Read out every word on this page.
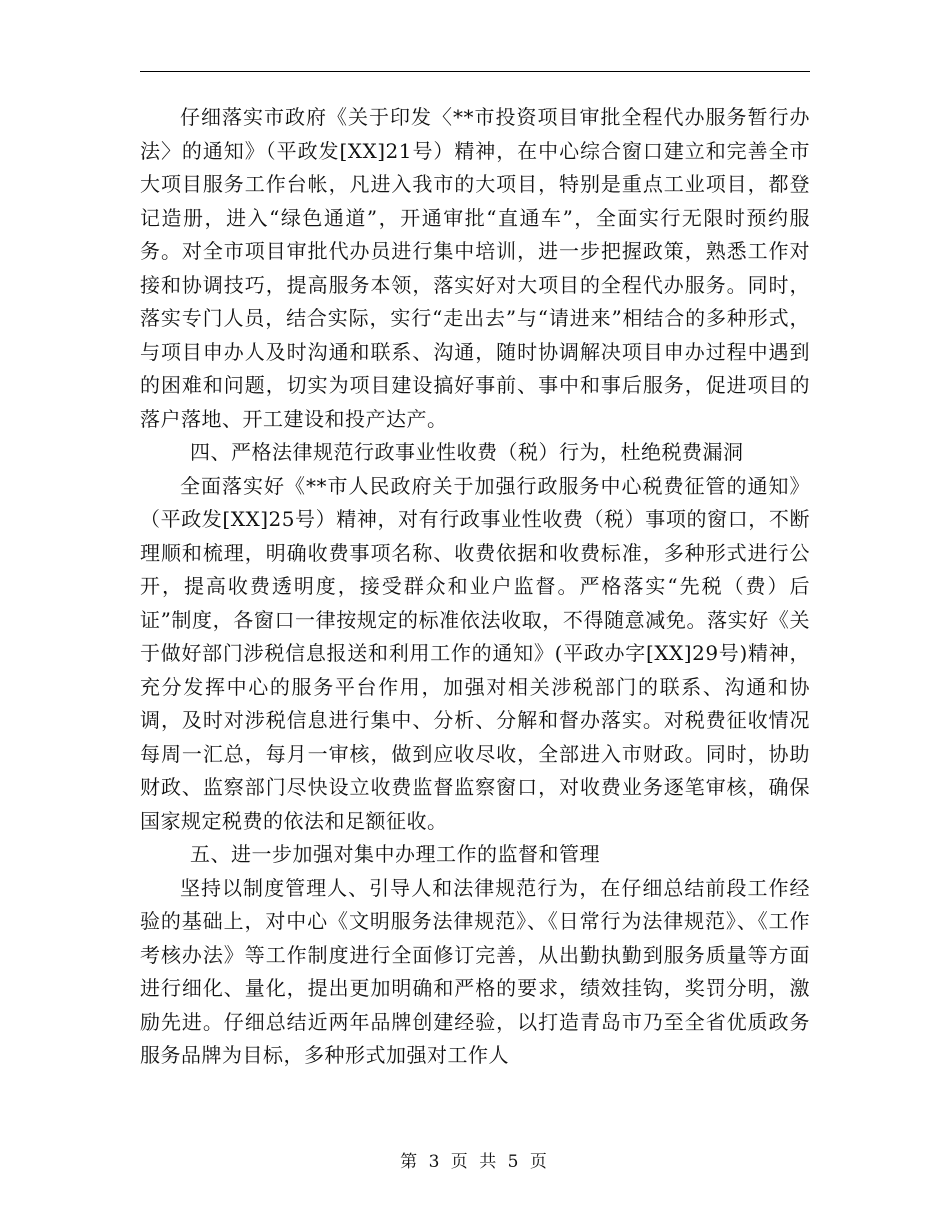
仔细落实市政府《关于印发〈**市投资项目审批全程代办服务暂行办法〉的通知》（平政发[XX]21号）精神，在中心综合窗口建立和完善全市大项目服务工作台帐，凡进入我市的大项目，特别是重点工业项目，都登记造册，进入“绿色通道”，开通审批“直通车”，全面实行无限时预约服务。对全市项目审批代办员进行集中培训，进一步把握政策，熟悉工作对接和协调技巧，提高服务本领，落实好对大项目的全程代办服务。同时，落实专门人员，结合实际，实行“走出去”与“请进来”相结合的多种形式，与项目申办人及时沟通和联系、沟通，随时协调解决项目申办过程中遇到的困难和问题，切实为项目建设搞好事前、事中和事后服务，促进项目的落户落地、开工建设和投产达产。

四、严格法律规范行政事业性收费（税）行为，杜绝税费漏洞

全面落实好《**市人民政府关于加强行政服务中心税费征管的通知》（平政发[XX]25号）精神，对有行政事业性收费（税）事项的窗口，不断理顺和梳理，明确收费事项名称、收费依据和收费标准，多种形式进行公开，提高收费透明度，接受群众和业户监督。严格落实“先税（费）后证”制度，各窗口一律按规定的标准依法收取，不得随意减免。落实好《关于做好部门涉税信息报送和利用工作的通知》(平政办字[XX]29号)精神，充分发挥中心的服务平台作用，加强对相关涉税部门的联系、沟通和协调，及时对涉税信息进行集中、分析、分解和督办落实。对税费征收情况每周一汇总，每月一审核，做到应收尽收，全部进入市财政。同时，协助财政、监察部门尽快设立收费监督监察窗口，对收费业务逐笔审核，确保国家规定税费的依法和足额征收。

五、进一步加强对集中办理工作的监督和管理

坚持以制度管理人、引导人和法律规范行为，在仔细总结前段工作经验的基础上，对中心《文明服务法律规范》、《日常行为法律规范》、《工作考核办法》等工作制度进行全面修订完善，从出勤执勤到服务质量等方面进行细化、量化，提出更加明确和严格的要求，绩效挂钩，奖罚分明，激励先进。仔细总结近两年品牌创建经验，以打造青岛市乃至全省优质政务服务品牌为目标，多种形式加强对工作人

第 3 页 共 5 页
